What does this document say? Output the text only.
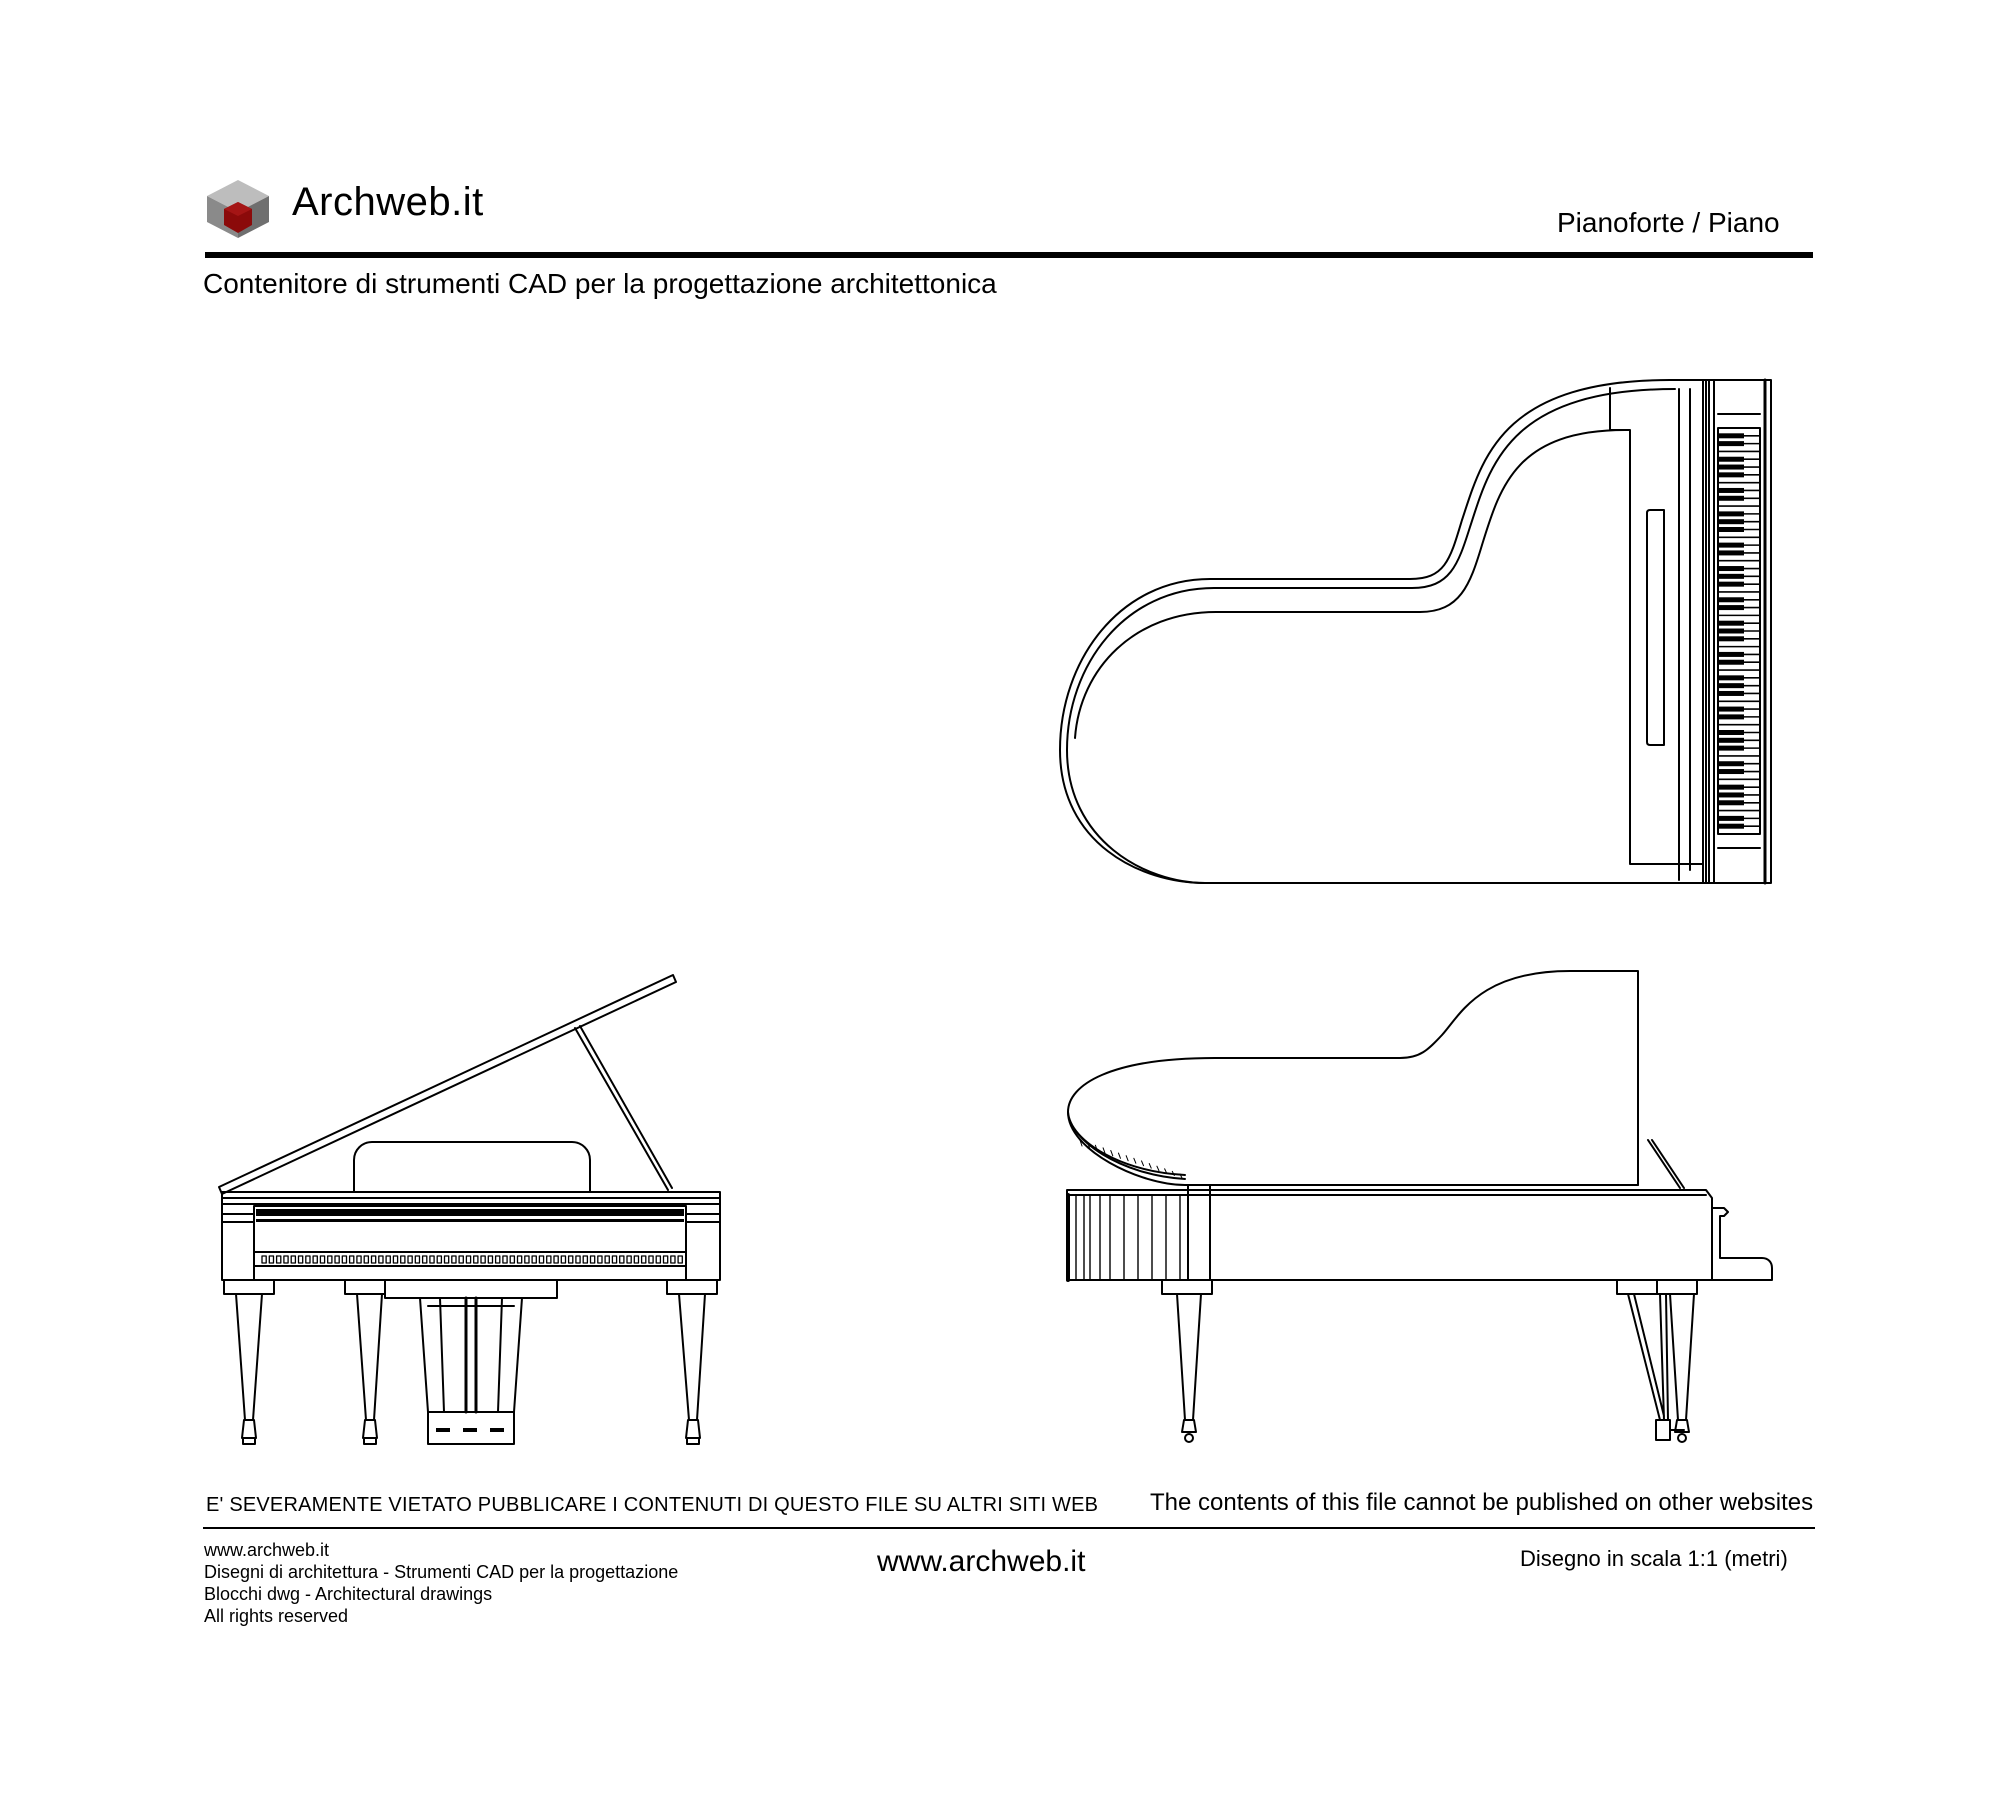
Archweb.it	Pianoforte / Piano
Contenitore di strumenti CAD per la progettazione architettonica
E' SEVERAMENTE VIETATO PUBBLICARE I CONTENUTI DI QUESTO FILE SU ALTRI SITI WEB The contents of this file cannot be published on other websites
www.archweb.it
Disegni di architettura - Strumenti CAD per la progettazione
Blocchi dwg - Architectural drawings
All rights reserved
www.archweb.it	Disegno in scala 1:1 (metri)
